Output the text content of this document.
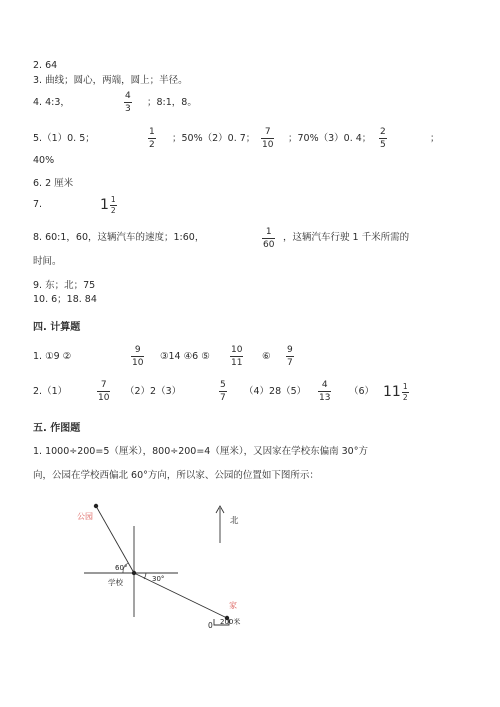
2. 64
3. 曲线；圆心，两端，圆上；半径。
4. 4:3，	$\frac{4}{3}$ ；8:1，8。
5.（1）0. 5；	$\frac{1}{2}$ ；50%（2）0. 7； $\frac{7}{10}$ ；70%（3）0. 4； $\frac{2}{5}$	；
40%
6. 2 厘米
7.	$1 \frac{1}{2}$
8. 60:1，60，这辆汽车的速度；1:60，	$\frac{1}{60}$ ，这辆汽车行驶 1 千米所需的
时间。
9. 东；北；75
10. 6；18. 84
四. 计算题
1. ①9 ②	$\frac{9}{10}$ ③14 ④6 ⑤ $\frac{10}{11}$ ⑥ $\frac{9}{7}$
2.（1）	$\frac{7}{10} (2)2(3)$	$\frac{5}{7} (4)28(5) \frac{4}{13} (6)$ $11 \frac{1}{2}$
五. 作图题
1. 1000÷200=5（厘米），800÷200=4（厘米），又因家在学校东偏南 30°方
向，公园在学校西偏北 60°方向，所以家、公园的位置如下图所示：
公园
学校
家
北
60°
30°
0 200米
